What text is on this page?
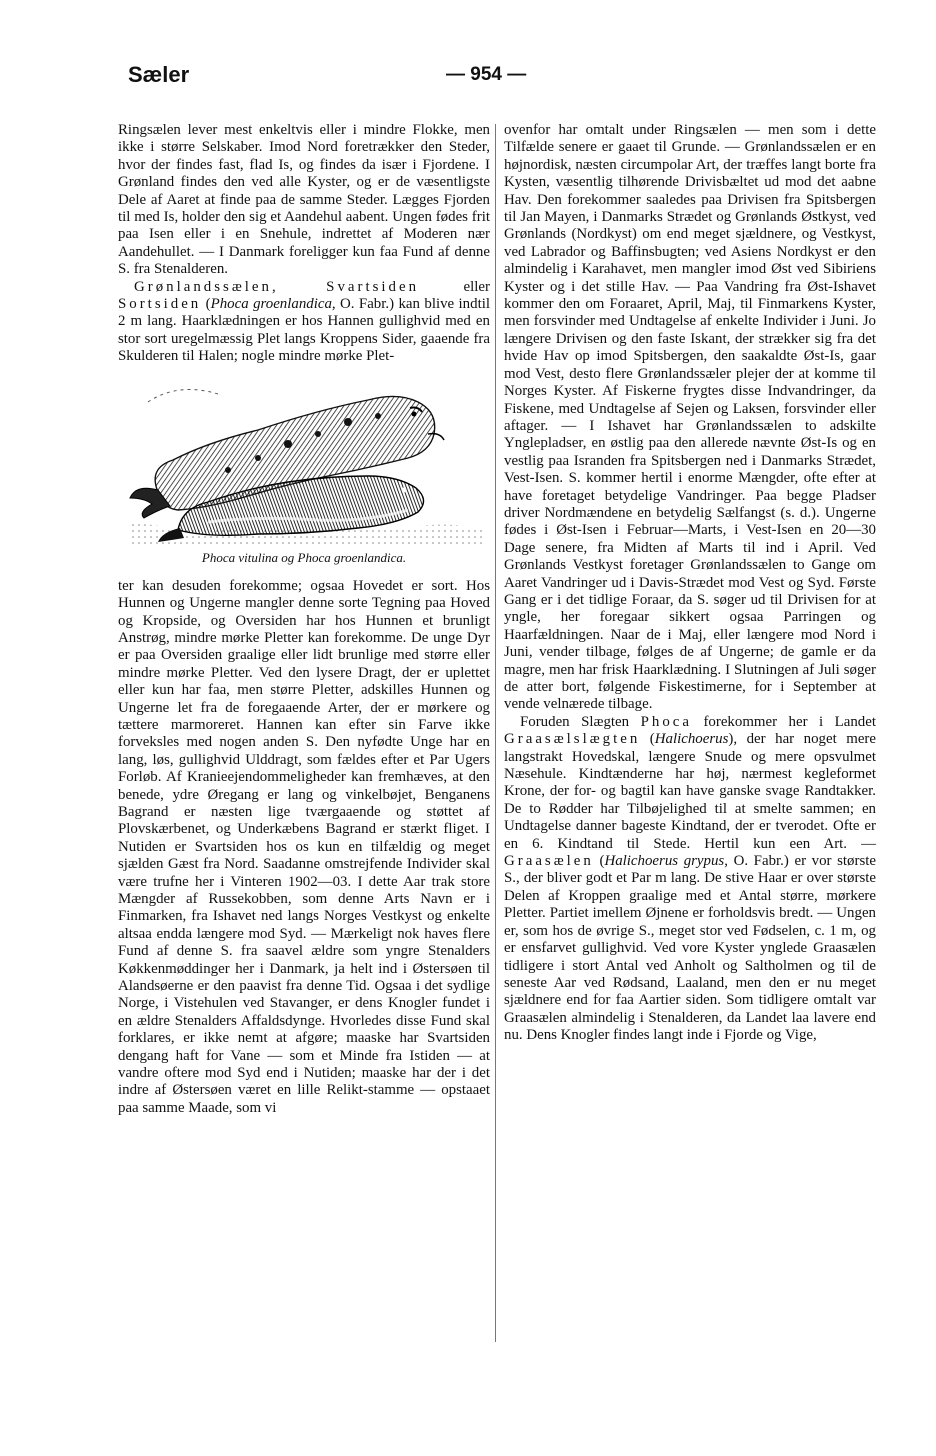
Sæler	— 954 —

Ringsælen lever mest enkeltvis eller i mindre Flokke, men ikke i større Selskaber. Imod Nord foretrækker den Steder, hvor der findes fast, flad Is, og findes da især i Fjordene. I Grønland findes den ved alle Kyster, og er de væsentligste Dele af Aaret at finde paa de samme Steder. Lægges Fjorden til med Is, holder den sig et Aandehul aabent. Ungen fødes frit paa Isen eller i en Snehule, indrettet af Moderen nær Aandehullet. — I Danmark foreligger kun faa Fund af denne S. fra Stenalderen.

Grønlandssælen, Svartsiden eller Sortsiden (Phoca groenlandica, O. Fabr.) kan blive indtil 2 m lang. Haarklædningen er hos Hannen gullighvid med en stor sort uregelmæssig Plet langs Kroppens Sider, gaaende fra Skulderen til Halen; nogle mindre mørke Plet-

Phoca vitulina og Phoca groenlandica.

ter kan desuden forekomme; ogsaa Hovedet er sort. Hos Hunnen og Ungerne mangler denne sorte Tegning paa Hoved og Kropside, og Oversiden har hos Hunnen et brunligt Anstrøg, mindre mørke Pletter kan forekomme. De unge Dyr er paa Oversiden graalige eller lidt brunlige med større eller mindre mørke Pletter. Ved den lysere Dragt, der er uplettet eller kun har faa, men større Pletter, adskilles Hunnen og Ungerne let fra de foregaaende Arter, der er mørkere og tættere marmoreret. Hannen kan efter sin Farve ikke forveksles med nogen anden S. Den nyfødte Unge har en lang, løs, gullighvid Ulddragt, som fældes efter et Par Ugers Forløb. Af Kranieejendommeligheder kan fremhæves, at den benede, ydre Øregang er lang og vinkelbøjet, Benganens Bagrand er næsten lige tværgaaende og støttet af Plovskærbenet, og Underkæbens Bagrand er stærkt fliget. I Nutiden er Svartsiden hos os kun en tilfældig og meget sjælden Gæst fra Nord. Saadanne omstrejfende Individer skal være trufne her i Vinteren 1902—03. I dette Aar trak store Mængder af Russekobben, som denne Arts Navn er i Finmarken, fra Ishavet ned langs Norges Vestkyst og enkelte altsaa endda længere mod Syd. — Mærkeligt nok haves flere Fund af denne S. fra saavel ældre som yngre Stenalders Køkkenmøddinger her i Danmark, ja helt ind i Østersøen til Alandsøerne er den paavist fra denne Tid. Ogsaa i det sydlige Norge, i Vistehulen ved Stavanger, er dens Knogler fundet i en ældre Stenalders Affaldsdynge. Hvorledes disse Fund skal forklares, er ikke nemt at afgøre; maaske har Svartsiden dengang haft for Vane — som et Minde fra Istiden — at vandre oftere mod Syd end i Nutiden; maaske har der i det indre af Østersøen været en lille Relikt-stamme — opstaaet paa samme Maade, som vi

ovenfor har omtalt under Ringsælen — men som i dette Tilfælde senere er gaaet til Grunde. — Grønlandssælen er en højnordisk, næsten circumpolar Art, der træffes langt borte fra Kysten, væsentlig tilhørende Drivisbæltet ud mod det aabne Hav. Den forekommer saaledes paa Drivisen fra Spitsbergen til Jan Mayen, i Danmarks Strædet og Grønlands Østkyst, ved Grønlands (Nordkyst) om end meget sjældnere, og Vestkyst, ved Labrador og Baffinsbugten; ved Asiens Nordkyst er den almindelig i Karahavet, men mangler imod Øst ved Sibiriens Kyster og i det stille Hav. — Paa Vandring fra Øst-Ishavet kommer den om Foraaret, April, Maj, til Finmarkens Kyster, men forsvinder med Undtagelse af enkelte Individer i Juni. Jo længere Drivisen og den faste Iskant, der strækker sig fra det hvide Hav op imod Spitsbergen, den saakaldte Øst-Is, gaar mod Vest, desto flere Grønlandssæler plejer der at komme til Norges Kyster. Af Fiskerne frygtes disse Indvandringer, da Fiskene, med Undtagelse af Sejen og Laksen, forsvinder eller aftager. — I Ishavet har Grønlandssælen to adskilte Ynglepladser, en østlig paa den allerede nævnte Øst-Is og en vestlig paa Isranden fra Spitsbergen ned i Danmarks Strædet, Vest-Isen. S. kommer hertil i enorme Mængder, ofte efter at have foretaget betydelige Vandringer. Paa begge Pladser driver Nordmændene en betydelig Sælfangst (s. d.). Ungerne fødes i Øst-Isen i Februar—Marts, i Vest-Isen en 20—30 Dage senere, fra Midten af Marts til ind i April. Ved Grønlands Vestkyst foretager Grønlandssælen to Gange om Aaret Vandringer ud i Davis-Strædet mod Vest og Syd. Første Gang er i det tidlige Foraar, da S. søger ud til Drivisen for at yngle, her foregaar sikkert ogsaa Parringen og Haarfældningen. Naar de i Maj, eller længere mod Nord i Juni, vender tilbage, følges de af Ungerne; de gamle er da magre, men har frisk Haarklædning. I Slutningen af Juli søger de atter bort, følgende Fiskestimerne, for i September at vende velnærede tilbage.

Foruden Slægten Phoca forekommer her i Landet Graasælslægten (Halichoerus), der har noget mere langstrakt Hovedskal, længere Snude og mere opsvulmet Næsehule. Kindtænderne har høj, nærmest kegleformet Krone, der for- og bagtil kan have ganske svage Randtakker. De to Rødder har Tilbøjelighed til at smelte sammen; en Undtagelse danner bageste Kindtand, der er tverodet. Ofte er en 6. Kindtand til Stede. Hertil kun een Art. — Graasælen (Halichoerus grypus, O. Fabr.) er vor største S., der bliver godt et Par m lang. De stive Haar er over største Delen af Kroppen graalige med et Antal større, mørkere Pletter. Partiet imellem Øjnene er forholdsvis bredt. — Ungen er, som hos de øvrige S., meget stor ved Fødselen, c. 1 m, og er ensfarvet gullighvid. Ved vore Kyster ynglede Graasælen tidligere i stort Antal ved Anholt og Saltholmen og til de seneste Aar ved Rødsand, Laaland, men den er nu meget sjældnere end for faa Aartier siden. Som tidligere omtalt var Graasælen almindelig i Stenalderen, da Landet laa lavere end nu. Dens Knogler findes langt inde i Fjorde og Vige,
